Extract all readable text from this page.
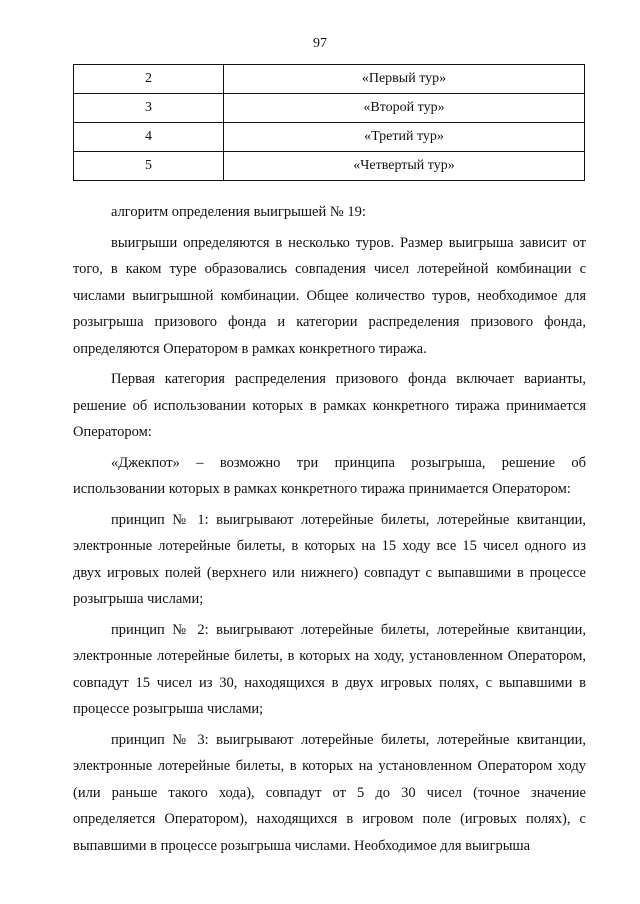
97
2	«Первый тур»
3	«Второй тур»
4	«Третий тур»
5	«Четвертый тур»

алгоритм определения выигрышей № 19:

выигрыши определяются в несколько туров. Размер выигрыша зависит от того, в каком туре образовались совпадения чисел лотерейной комбинации с числами выигрышной комбинации. Общее количество туров, необходимое для розыгрыша призового фонда и категории распределения призового фонда, определяются Оператором в рамках конкретного тиража.

Первая категория распределения призового фонда включает варианты, решение об использовании которых в рамках конкретного тиража принимается Оператором:

«Джекпот» – возможно три принципа розыгрыша, решение об использовании которых в рамках конкретного тиража принимается Оператором:

принцип № 1: выигрывают лотерейные билеты, лотерейные квитанции, электронные лотерейные билеты, в которых на 15 ходу все 15 чисел одного из двух игровых полей (верхнего или нижнего) совпадут с выпавшими в процессе розыгрыша числами;

принцип № 2: выигрывают лотерейные билеты, лотерейные квитанции, электронные лотерейные билеты, в которых на ходу, установленном Оператором, совпадут 15 чисел из 30, находящихся в двух игровых полях, с выпавшими в процессе розыгрыша числами;

принцип № 3: выигрывают лотерейные билеты, лотерейные квитанции, электронные лотерейные билеты, в которых на установленном Оператором ходу (или раньше такого хода), совпадут от 5 до 30 чисел (точное значение определяется Оператором), находящихся в игровом поле (игровых полях), с выпавшими в процессе розыгрыша числами. Необходимое для выигрыша
